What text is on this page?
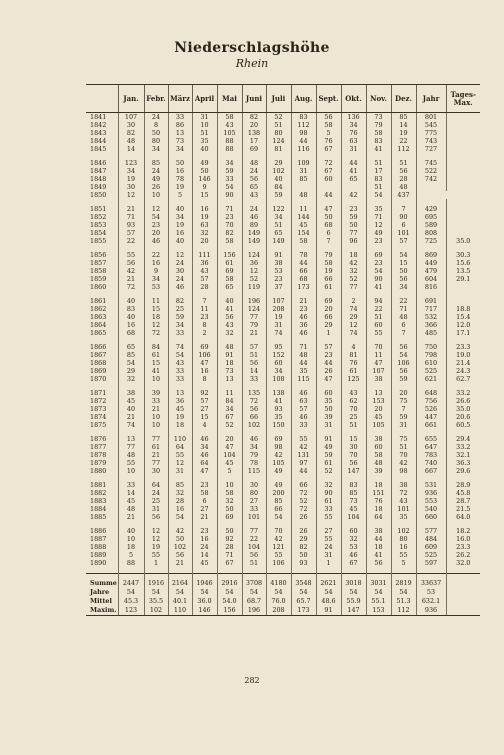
Niederschlagshöhe
Rhein
	Jan.	Febr.	März	April	Mai	Juni	Juli	Aug.	Sept.	Okt.	Nov.	Dez.	Jahr	Tages-
Max.
1841	107	24	33	31	58	82	52	83	56	136	73	85	801	
1842	30	8	86	10	43	20	51	112	58	34	79	14	545	
1843	82	50	13	51	105	138	80	98	5	76	58	19	775	
1844	48	80	73	35	88	17	124	44	76	63	83	22	743	
1845	14	34	34	40	88	69	81	116	67	31	41	112	727	

1846	123	85	50	49	34	48	29	109	72	44	51	51	745	
1847	34	24	16	50	59	24	102	31	67	41	17	56	522	
1848	19	49	78	146	33	56	40	85	60	65	83	28	742	
1849	30	26	19	9	54	65	84				51	48		
1850	12	10	5	15	90	43	59	48	44	42	54	437		

1851	21	12	40	16	71	24	122	11	47	23	35	7	429	
1852	71	54	34	19	23	46	34	144	50	59	71	90	695	
1853	93	23	19	63	70	89	51	45	68	50	12	6	589	
1854	57	20	16	32	82	149	65	154	6	77	49	101	808	
1855	22	46	40	20	58	149	149	58	7	96	23	57	725	35.0

1856	55	22	12	111	156	124	91	78	79	18	69	54	869	30.3
1857	56	16	24	36	61	36	38	44	58	42	23	15	449	15.6
1858	42	9	30	43	69	12	53	66	19	32	54	50	479	13.5
1859	21	34	24	57	58	52	23	68	66	52	90	56	604	29.1
1860	72	53	46	28	65	119	37	173	61	77	41	34	816	

1861	40	11	82	7	40	196	107	21	69	2	94	22	691	
1862	83	15	25	11	41	124	208	23	20	74	22	71	717	18.8
1863	40	18	59	23	56	77	19	46	66	29	51	48	532	15.4
1864	16	12	34	8	43	79	31	36	29	12	60	6	366	12.0
1865	68	72	33	2	32	21	74	46	1	74	55	7	485	17.1

1866	65	84	74	69	48	57	95	71	57	4	70	56	750	23.3
1867	85	61	54	106	91	51	152	48	23	81	11	54	798	19.0
1868	54	15	43	47	18	56	60	44	44	76	47	106	610	21.4
1869	29	41	33	16	73	14	34	35	26	61	107	56	525	24.3
1870	32	10	33	8	13	33	108	115	47	125	38	59	621	62.7

1871	38	39	13	92	11	135	138	46	60	43	13	20	648	33.2
1872	45	33	36	57	84	72	41	63	35	62	153	75	756	26.6
1873	40	21	45	27	34	56	93	57	50	70	20	7	526	35.0
1874	21	10	19	15	67	66	35	46	39	25	45	59	447	20.6
1875	74	10	18	4	52	102	150	33	31	51	105	31	661	60.5

1876	13	77	110	46	20	46	69	55	91	15	38	75	655	29.4
1877	77	61	64	34	47	34	98	42	49	30	60	51	647	33.2
1878	48	21	55	46	104	79	42	131	59	70	58	70	783	32.1
1879	55	77	12	64	45	78	105	97	61	56	48	42	740	36.3
1880	10	30	31	47	5	115	49	44	52	147	39	98	667	29.6

1881	33	64	85	23	10	30	49	66	32	83	18	38	531	28.9
1882	14	24	32	58	58	80	200	72	90	85	151	72	936	45.8
1883	45	25	28	6	32	27	85	52	61	73	76	43	553	28.7
1884	48	31	16	27	50	33	66	72	33	45	18	101	540	21.5
1885	21	56	54	21	69	101	54	26	55	104	64	35	660	64.0

1886	40	12	42	23	50	77	70	26	27	60	38	102	577	18.2
1887	10	12	50	16	92	22	42	29	55	32	44	80	484	16.0
1888	18	19	102	24	28	104	121	82	24	53	18	16	609	23.3
1889	5	55	56	14	71	56	55	50	31	46	41	55	525	26.2
1890	88	1	21	45	67	51	106	93	1	67	56	5	597	32.0

Summe	2447	1916	2164	1946	2916	3708	4180	3548	2621	3018	3031	2819	33637	
Jahre	54	54	54	54	54	54	54	54	54	54	54	54	53	
Mittel	45.3	35.5	40.1	36.0	54.0	68.7	76.0	65.7	48.6	55.9	55.1	51.3	632.1	
Maxim.	123	102	110	146	156	196	208	173	91	147	153	112	936	
282
